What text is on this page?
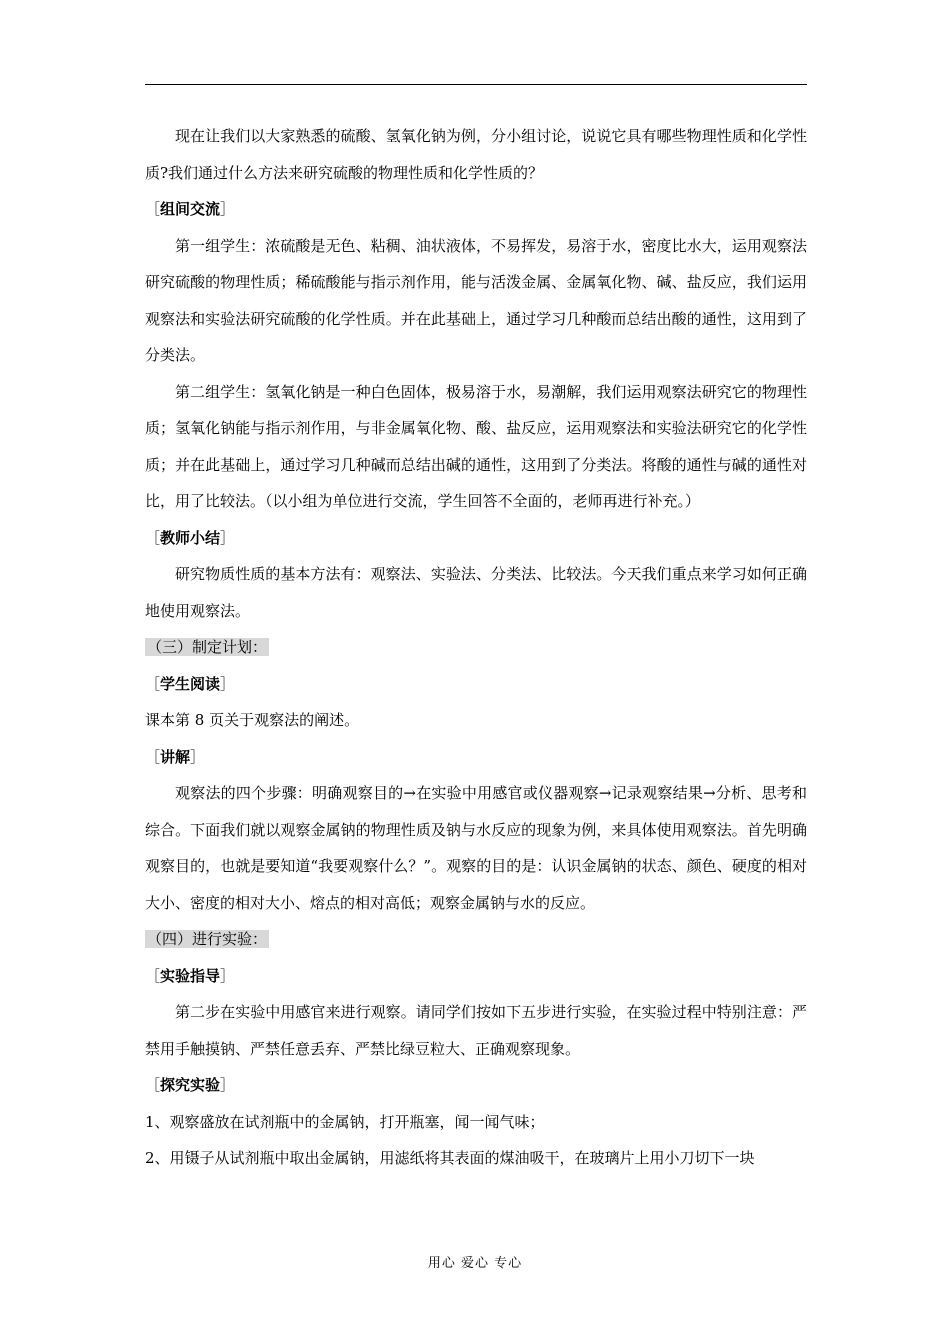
现在让我们以大家熟悉的硫酸、氢氧化钠为例，分小组讨论，说说它具有哪些物理性质和化学性质?我们通过什么方法来研究硫酸的物理性质和化学性质的？

［组间交流］

第一组学生：浓硫酸是无色、粘稠、油状液体，不易挥发，易溶于水，密度比水大，运用观察法研究硫酸的物理性质；稀硫酸能与指示剂作用，能与活泼金属、金属氧化物、碱、盐反应，我们运用观察法和实验法研究硫酸的化学性质。并在此基础上，通过学习几种酸而总结出酸的通性，这用到了分类法。

第二组学生：氢氧化钠是一种白色固体，极易溶于水，易潮解，我们运用观察法研究它的物理性质；氢氧化钠能与指示剂作用，与非金属氧化物、酸、盐反应，运用观察法和实验法研究它的化学性质；并在此基础上，通过学习几种碱而总结出碱的通性，这用到了分类法。将酸的通性与碱的通性对比，用了比较法。（以小组为单位进行交流，学生回答不全面的，老师再进行补充。）

［教师小结］

研究物质性质的基本方法有：观察法、实验法、分类法、比较法。今天我们重点来学习如何正确地使用观察法。

（三）制定计划：

［学生阅读］

课本第 8 页关于观察法的阐述。

［讲解］

观察法的四个步骤：明确观察目的→在实验中用感官或仪器观察→记录观察结果→分析、思考和综合。下面我们就以观察金属钠的物理性质及钠与水反应的现象为例，来具体使用观察法。首先明确观察目的，也就是要知道“我要观察什么？”。观察的目的是：认识金属钠的状态、颜色、硬度的相对大小、密度的相对大小、熔点的相对高低；观察金属钠与水的反应。

（四）进行实验：

［实验指导］

第二步在实验中用感官来进行观察。请同学们按如下五步进行实验，在实验过程中特别注意：严禁用手触摸钠、严禁任意丢弃、严禁比绿豆粒大、正确观察现象。

［探究实验］

1、观察盛放在试剂瓶中的金属钠，打开瓶塞，闻一闻气味；

2、用镊子从试剂瓶中取出金属钠，用滤纸将其表面的煤油吸干，在玻璃片上用小刀切下一块

用心 爱心 专心
